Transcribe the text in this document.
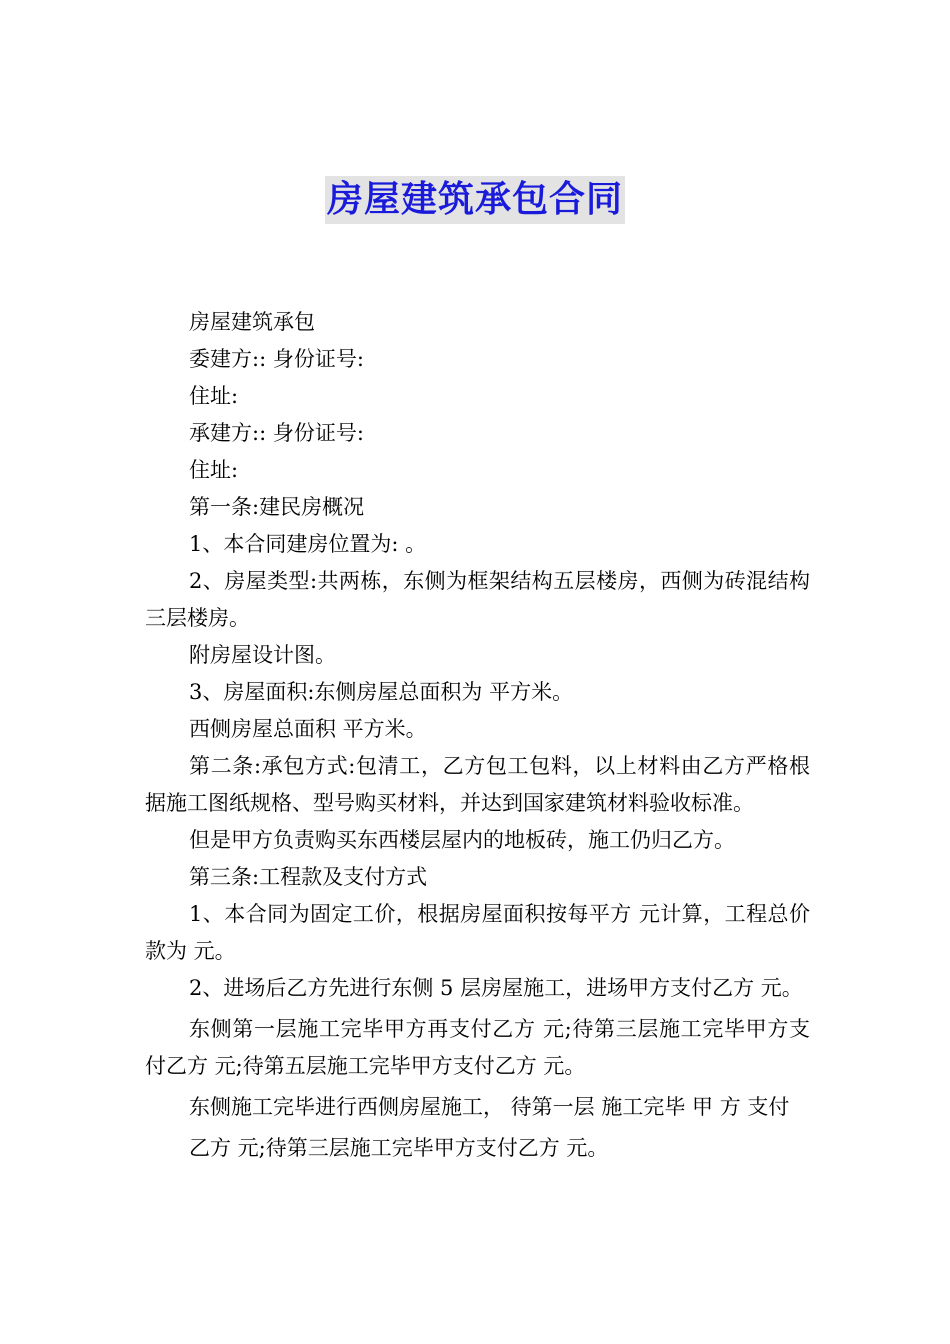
房屋建筑承包合同

房屋建筑承包

委建方:: 身份证号:

住址:

承建方:: 身份证号:

住址:

第一条:建民房概况

1、本合同建房位置为: 。

2、房屋类型:共两栋，东侧为框架结构五层楼房，西侧为砖混结构 三层楼房。

附房屋设计图。

3、房屋面积:东侧房屋总面积为 平方米。

西侧房屋总面积 平方米。

第二条:承包方式:包清工，乙方包工包料，以上材料由乙方严格根据施工图纸规格、型号购买材料，并达到国家建筑材料验收标准。

但是甲方负责购买东西楼层屋内的地板砖，施工仍归乙方。

第三条:工程款及支付方式

1、本合同为固定工价，根据房屋面积按每平方 元计算，工程总价款为 元。

2、进场后乙方先进行东侧 5 层房屋施工，进场甲方支付乙方 元。

东侧第一层施工完毕甲方再支付乙方 元;待第三层施工完毕甲方支付乙方 元;待第五层施工完毕甲方支付乙方 元。

东侧施工完毕进行西侧房屋施工， 待第一层 施工完毕 甲 方 支付

乙方 元;待第三层施工完毕甲方支付乙方 元。
